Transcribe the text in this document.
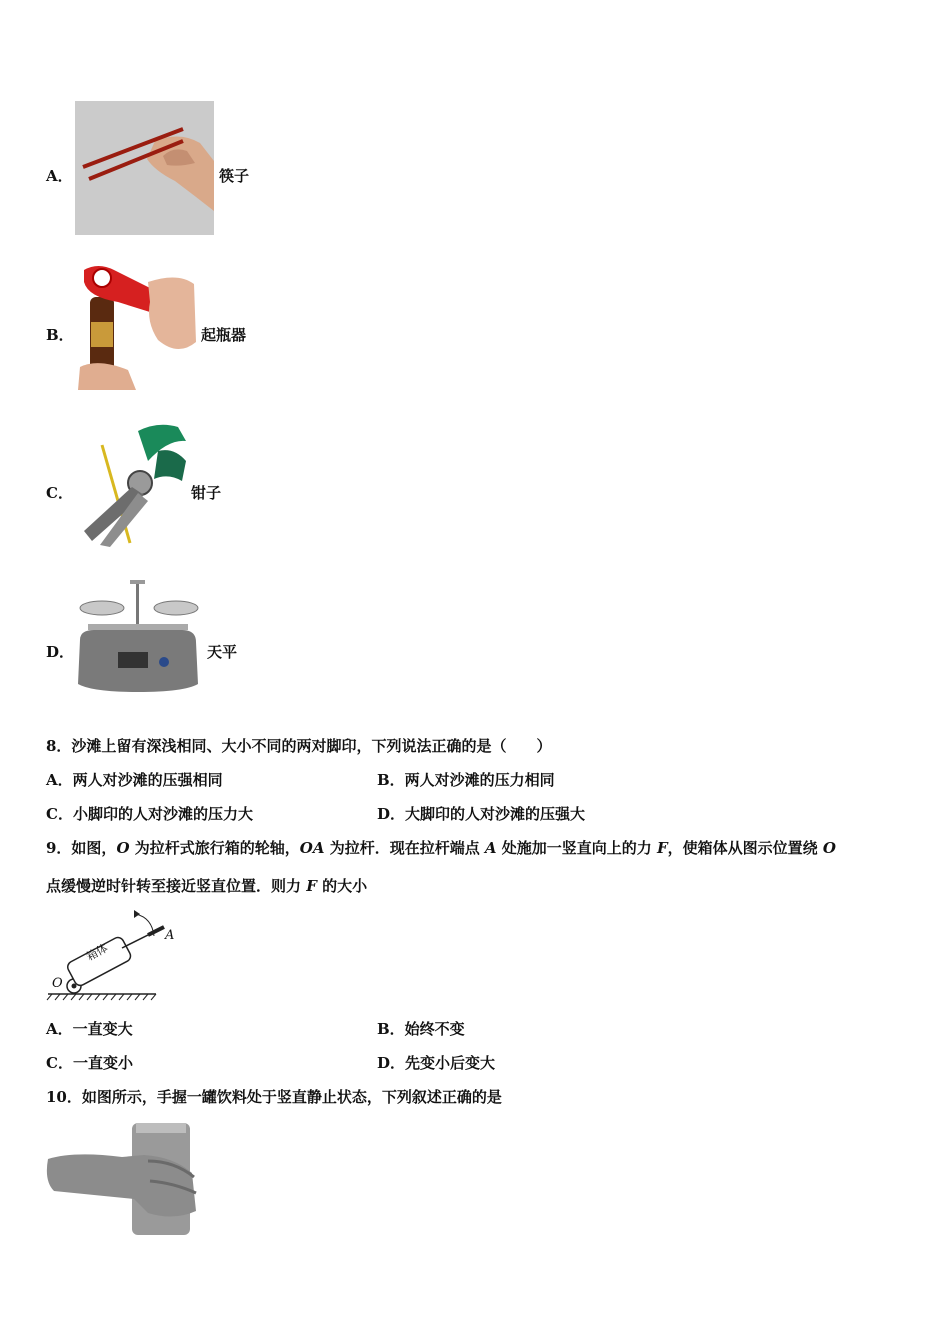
A．	筷子
B．	起瓶器
C．	钳子
D．	天平
8．沙滩上留有深浅相同、大小不同的两对脚印，下列说法正确的是（　　）
A．两人对沙滩的压强相同	B．两人对沙滩的压力相同
C．小脚印的人对沙滩的压力大	D．大脚印的人对沙滩的压强大
9．如图，O 为拉杆式旅行箱的轮轴，OA 为拉杆．现在拉杆端点 A 处施加一竖直向上的力 F，使箱体从图示位置绕 O
点缓慢逆时针转至接近竖直位置．则力 F 的大小
箱体
O
A
A．一直变大	B．始终不变
C．一直变小	D．先变小后变大
10．如图所示，手握一罐饮料处于竖直静止状态，下列叙述正确的是
